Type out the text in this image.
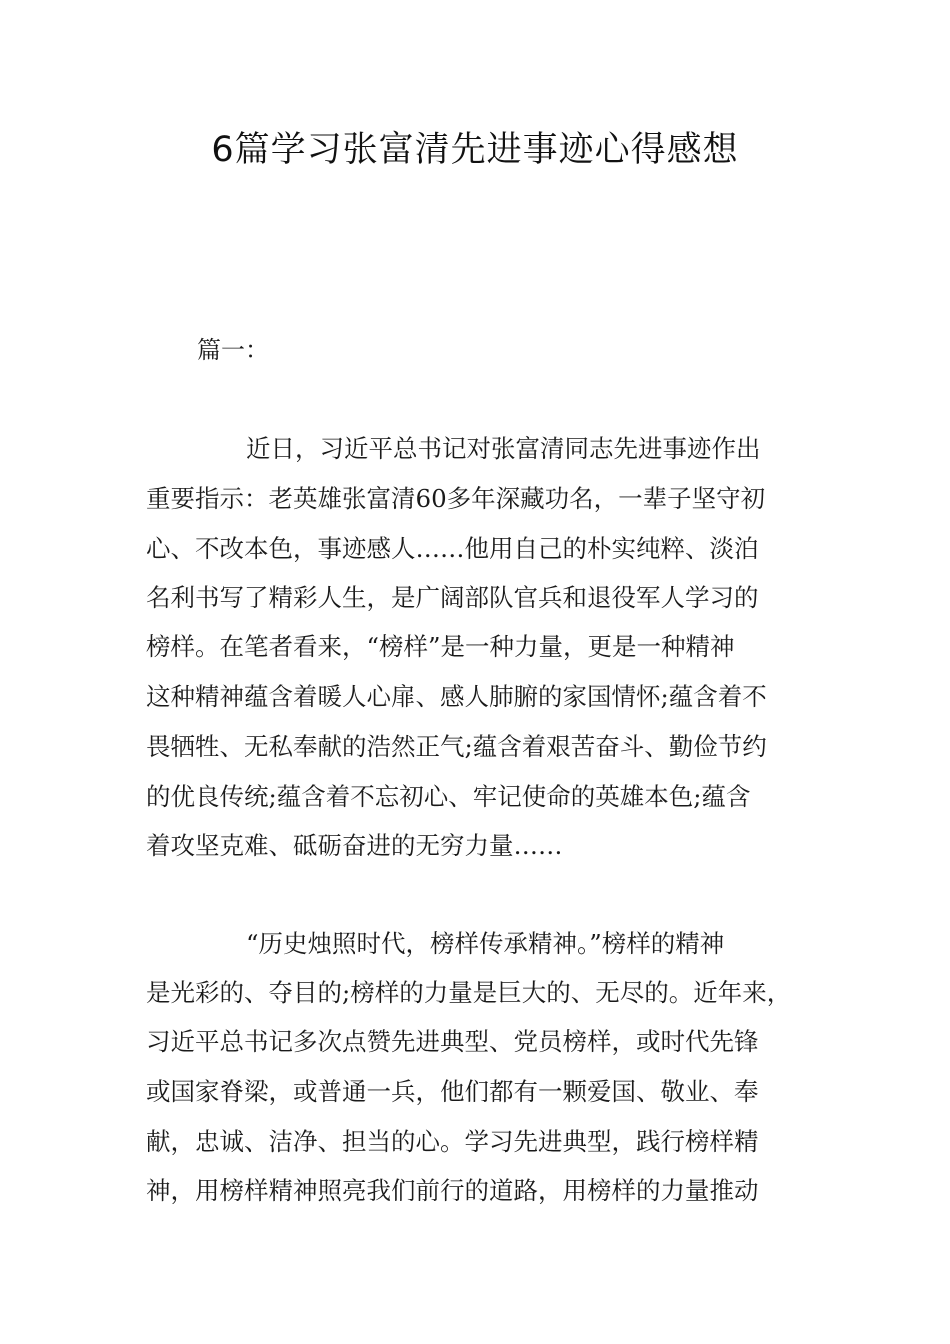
6篇学习张富清先进事迹心得感想

篇一：

近日，习近平总书记对张富清同志先进事迹作出

重要指示：老英雄张富清60多年深藏功名，一辈子坚守初

心、不改本色，事迹感人……他用自己的朴实纯粹、淡泊

名利书写了精彩人生，是广阔部队官兵和退役军人学习的

榜样。在笔者看来，“榜样”是一种力量，更是一种精神

这种精神蕴含着暖人心扉、感人肺腑的家国情怀;蕴含着不

畏牺牲、无私奉献的浩然正气;蕴含着艰苦奋斗、勤俭节约

的优良传统;蕴含着不忘初心、牢记使命的英雄本色;蕴含

着攻坚克难、砥砺奋进的无穷力量……

“历史烛照时代，榜样传承精神。”榜样的精神

是光彩的、夺目的;榜样的力量是巨大的、无尽的。近年来，

习近平总书记多次点赞先进典型、党员榜样，或时代先锋

或国家脊梁，或普通一兵，他们都有一颗爱国、敬业、奉

献，忠诚、洁净、担当的心。学习先进典型，践行榜样精

神，用榜样精神照亮我们前行的道路，用榜样的力量推动
